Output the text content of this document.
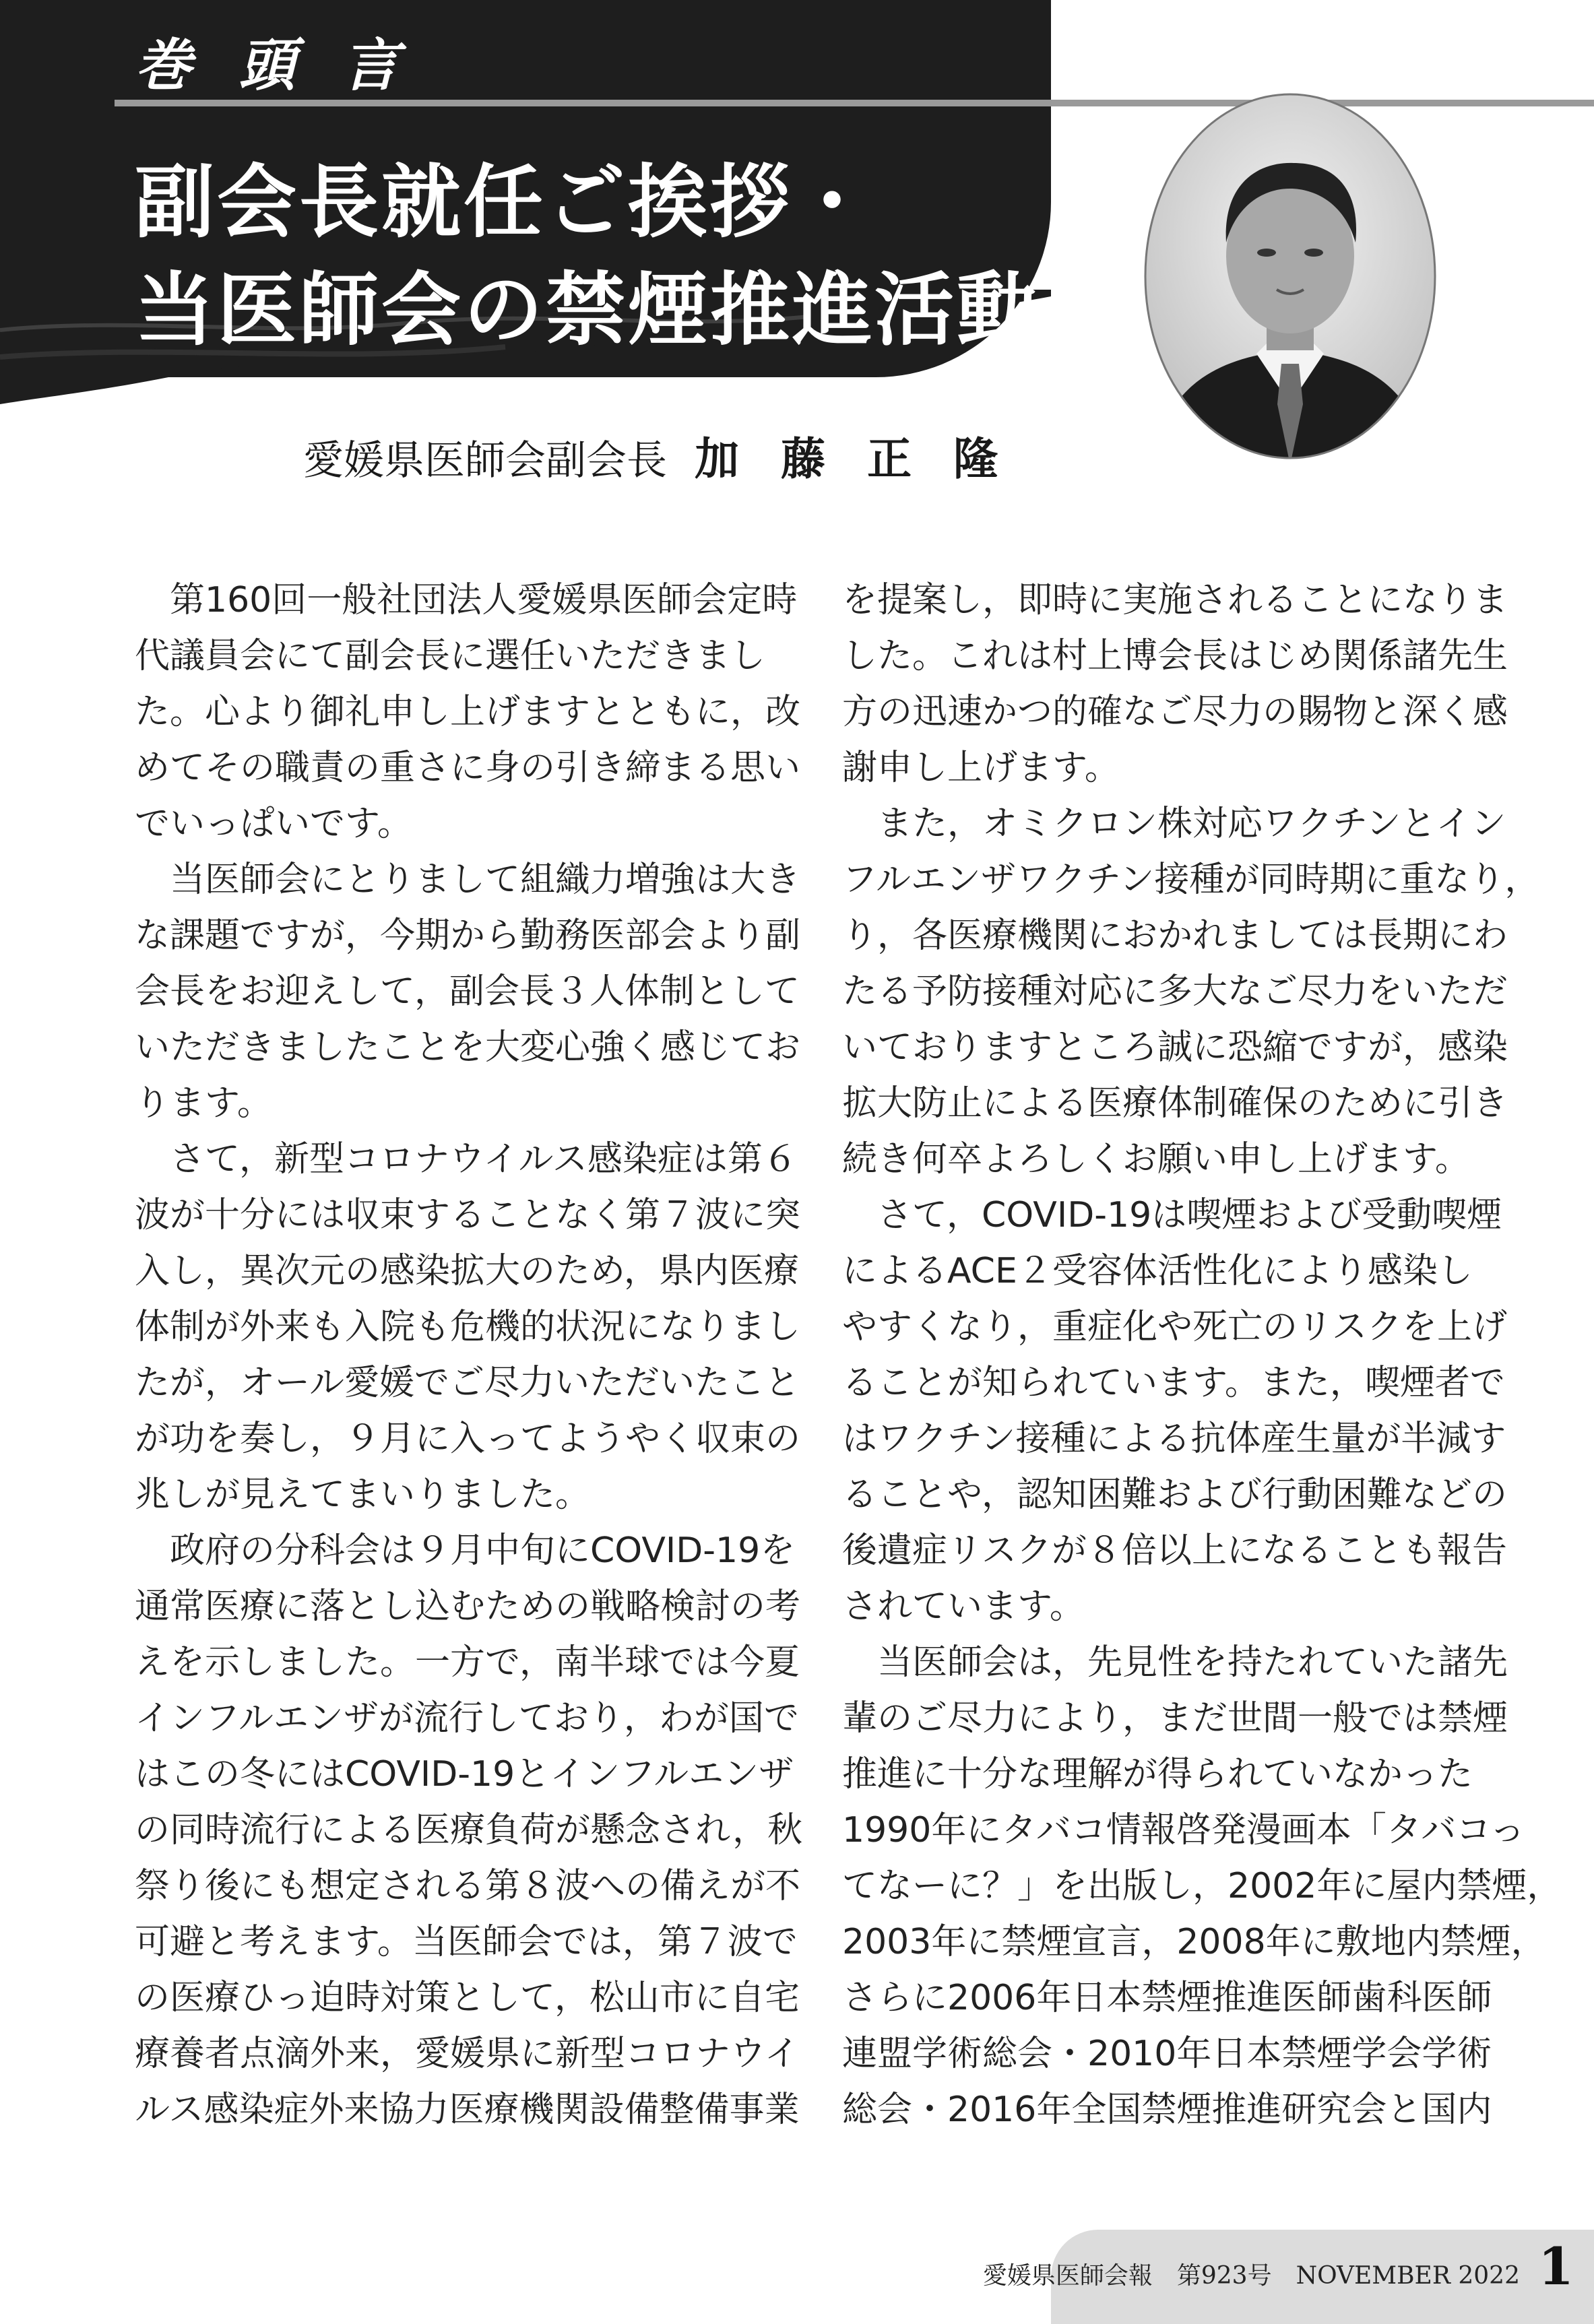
巻頭言
副会長就任ご挨拶・
当医師会の禁煙推進活動
愛媛県医師会副会長 加藤正隆
　第160回一般社団法人愛媛県医師会定時
代議員会にて副会長に選任いただきまし
た。心より御礼申し上げますとともに，改
めてその職責の重さに身の引き締まる思い
でいっぱいです。
　当医師会にとりまして組織力増強は大き
な課題ですが，今期から勤務医部会より副
会長をお迎えして，副会長３人体制として
いただきましたことを大変心強く感じてお
ります。
　さて，新型コロナウイルス感染症は第６
波が十分には収束することなく第７波に突
入し，異次元の感染拡大のため，県内医療
体制が外来も入院も危機的状況になりまし
たが，オール愛媛でご尽力いただいたこと
が功を奏し，９月に入ってようやく収束の
兆しが見えてまいりました。
　政府の分科会は９月中旬にCOVID-19を
通常医療に落とし込むための戦略検討の考
えを示しました。一方で，南半球では今夏
インフルエンザが流行しており，わが国で
はこの冬にはCOVID-19とインフルエンザ
の同時流行による医療負荷が懸念され，秋
祭り後にも想定される第８波への備えが不
可避と考えます。当医師会では，第７波で
の医療ひっ迫時対策として，松山市に自宅
療養者点滴外来，愛媛県に新型コロナウイ
ルス感染症外来協力医療機関設備整備事業
を提案し，即時に実施されることになりま
した。これは村上博会長はじめ関係諸先生
方の迅速かつ的確なご尽力の賜物と深く感
謝申し上げます。
　また，オミクロン株対応ワクチンとイン
フルエンザワクチン接種が同時期に重なり，
り，各医療機関におかれましては長期にわ
たる予防接種対応に多大なご尽力をいただ
いておりますところ誠に恐縮ですが，感染
拡大防止による医療体制確保のために引き
続き何卒よろしくお願い申し上げます。
　さて，COVID-19は喫煙および受動喫煙
によるACE２受容体活性化により感染し
やすくなり，重症化や死亡のリスクを上げ
ることが知られています。また，喫煙者で
はワクチン接種による抗体産生量が半減す
ることや，認知困難および行動困難などの
後遺症リスクが８倍以上になることも報告
されています。
　当医師会は，先見性を持たれていた諸先
輩のご尽力により，まだ世間一般では禁煙
推進に十分な理解が得られていなかった
1990年にタバコ情報啓発漫画本「タバコっ
てなーに？」を出版し，2002年に屋内禁煙，
2003年に禁煙宣言，2008年に敷地内禁煙，
さらに2006年日本禁煙推進医師歯科医師
連盟学術総会・2010年日本禁煙学会学術
総会・2016年全国禁煙推進研究会と国内
愛媛県医師会報　第923号　NOVEMBER 2022 1
